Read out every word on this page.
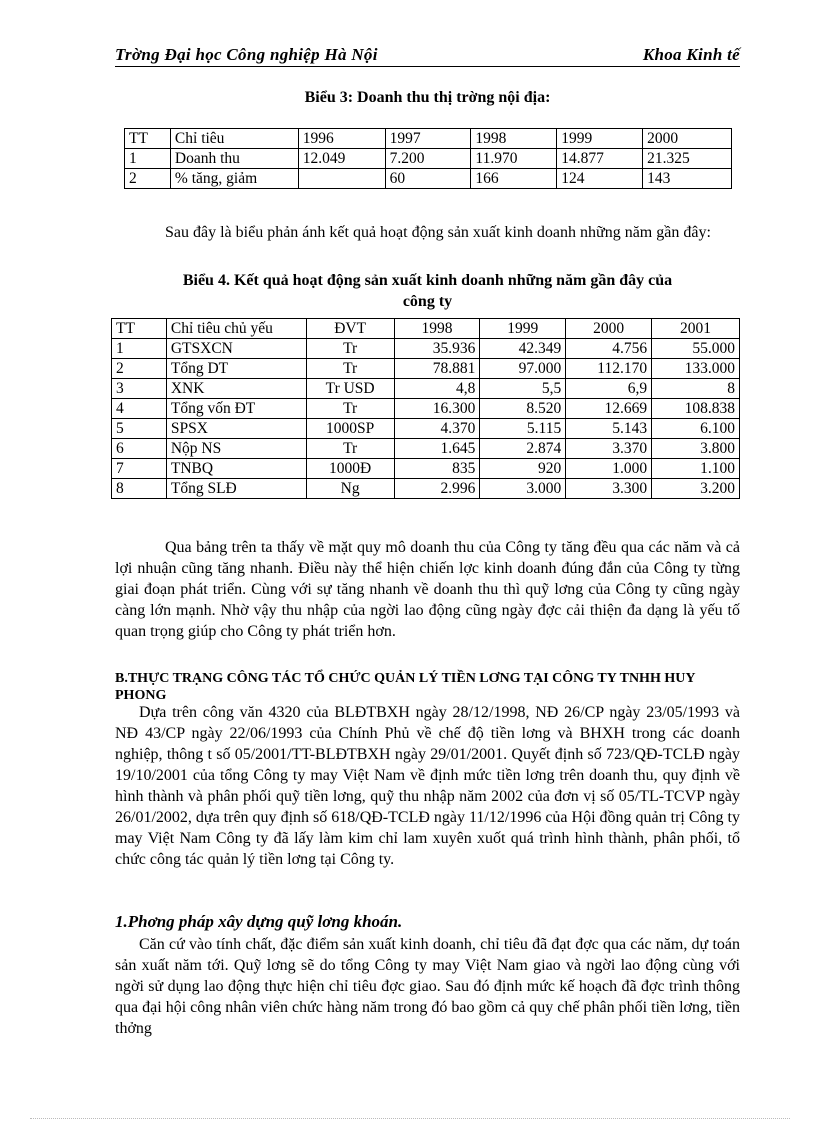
Trờng Đại học Công nghiệp Hà Nội	Khoa Kinh tế
Biểu 3: Doanh thu thị trờng nội địa:
TT	Chỉ tiêu	1996	1997	1998	1999	2000
1	Doanh thu	12.049	7.200	11.970	14.877	21.325
2	% tăng, giảm		60	166	124	143
Sau đây là biểu phản ánh kết quả hoạt động sản xuất kinh doanh những năm gần đây:
Biểu 4. Kết quả hoạt động sản xuất kinh doanh những năm gần đây của
công ty
TT	Chỉ tiêu chủ yếu	ĐVT	1998	1999	2000	2001
1	GTSXCN	Tr	35.936	42.349	4.756	55.000
2	Tổng DT	Tr	78.881	97.000	112.170	133.000
3	XNK	Tr USD	4,8	5,5	6,9	8
4	Tổng vốn ĐT	Tr	16.300	8.520	12.669	108.838
5	SPSX	1000SP	4.370	5.115	5.143	6.100
6	Nộp NS	Tr	1.645	2.874	3.370	3.800
7	TNBQ	1000Đ	835	920	1.000	1.100
8	Tổng SLĐ	Ng	2.996	3.000	3.300	3.200
Qua bảng trên ta thấy về mặt quy mô doanh thu của Công ty tăng đều qua các năm và cả lợi nhuận cũng tăng nhanh. Điều này thể hiện chiến lợc kinh doanh đúng đắn của Công ty từng giai đoạn phát triển. Cùng với sự tăng nhanh về doanh thu thì quỹ lơng của Công ty cũng ngày càng lớn mạnh. Nhờ vậy thu nhập của ngời lao động cũng ngày đợc cải thiện đa dạng là yếu tố quan trọng giúp cho Công ty phát triển hơn.
B.THỰC TRẠNG CÔNG TÁC TỔ CHỨC QUẢN LÝ TIỀN LƠNG TẠI CÔNG TY TNHH HUY PHONG
Dựa trên công văn 4320 của BLĐTBXH ngày 28/12/1998, NĐ 26/CP ngày 23/05/1993 và NĐ 43/CP ngày 22/06/1993 của Chính Phủ về chế độ tiền lơng và BHXH trong các doanh nghiệp, thông t số 05/2001/TT-BLĐTBXH ngày 29/01/2001. Quyết định số 723/QĐ-TCLĐ ngày 19/10/2001 của tổng Công ty may Việt Nam về định mức tiền lơng trên doanh thu, quy định về hình thành và phân phối quỹ tiền lơng, quỹ thu nhập năm 2002 của đơn vị số 05/TL-TCVP ngày 26/01/2002, dựa trên quy định số 618/QĐ-TCLĐ ngày 11/12/1996 của Hội đồng quản trị Công ty may Việt Nam Công ty đã lấy làm kim chỉ lam xuyên xuốt quá trình hình thành, phân phối, tổ chức công tác quản lý tiền lơng tại Công ty.
1.Phơng pháp xây dựng quỹ lơng khoán.
Căn cứ vào tính chất, đặc điểm sản xuất kinh doanh, chỉ tiêu đã đạt đợc qua các năm, dự toán sản xuất năm tới. Quỹ lơng sẽ do tổng Công ty may Việt Nam giao và ngời lao động cùng với ngời sử dụng lao động thực hiện chỉ tiêu đợc giao. Sau đó định mức kế hoạch đã đợc trình thông qua đại hội công nhân viên chức hàng năm trong đó bao gồm cả quy chế phân phối tiền lơng, tiền thởng
